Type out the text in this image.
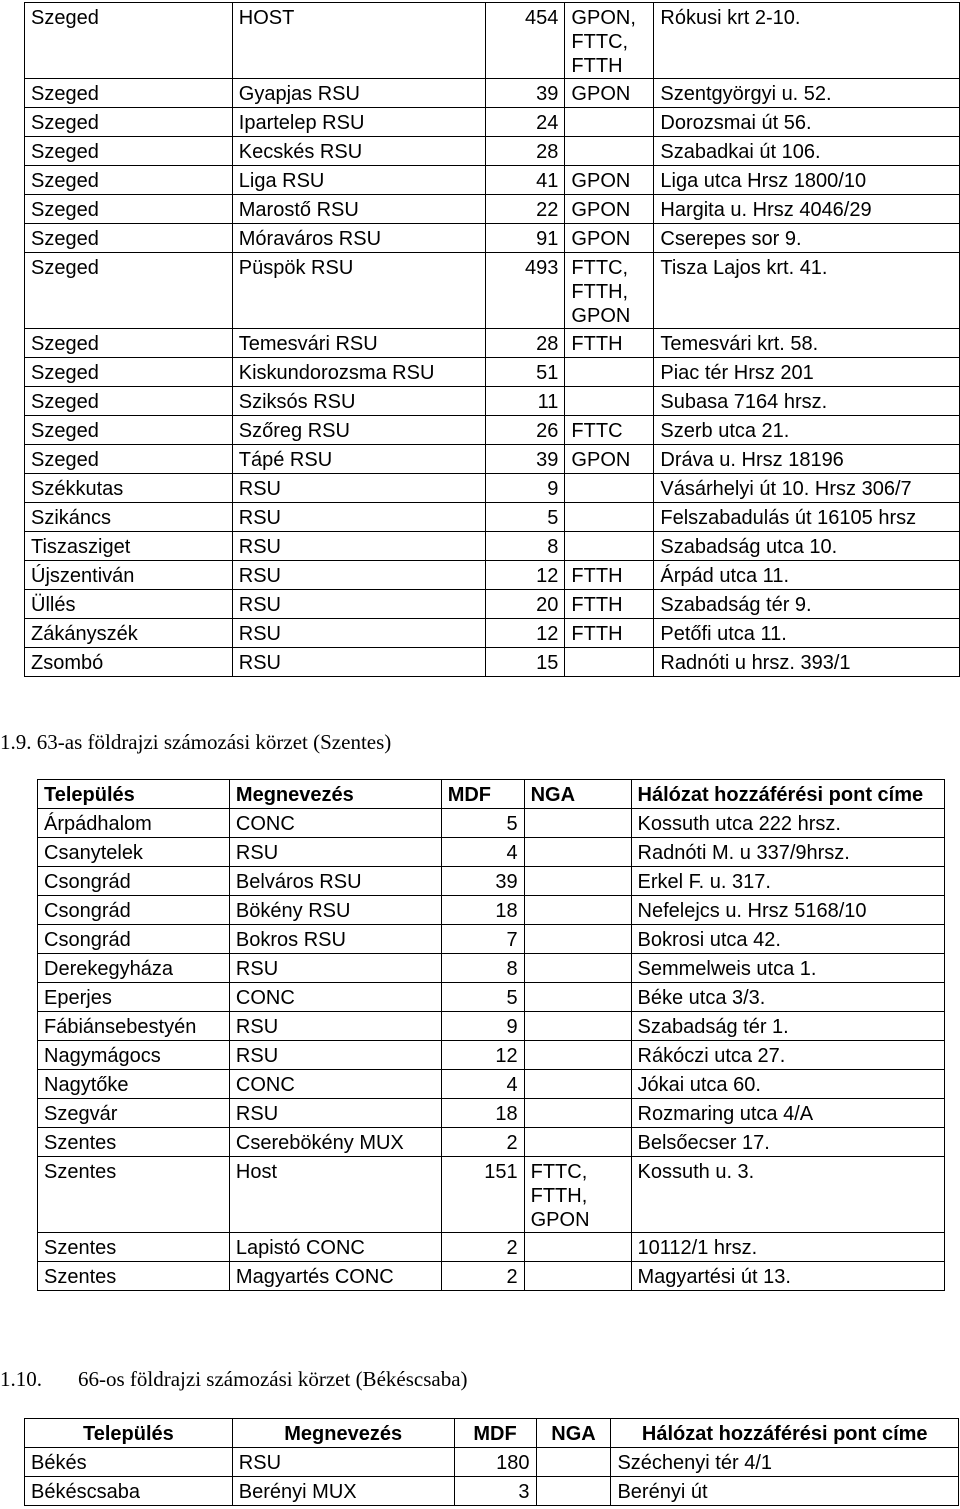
Szeged	HOST	454	GPON,
FTTC,
FTTH	Rókusi krt 2-10.
Szeged	Gyapjas RSU	39	GPON	Szentgyörgyi u. 52.
Szeged	Ipartelep RSU	24		Dorozsmai út 56.
Szeged	Kecskés RSU	28		Szabadkai út 106.
Szeged	Liga RSU	41	GPON	Liga utca Hrsz 1800/10
Szeged	Marostő RSU	22	GPON	Hargita u. Hrsz 4046/29
Szeged	Móraváros RSU	91	GPON	Cserepes sor 9.
Szeged	Püspök RSU	493	FTTC,
FTTH,
GPON	Tisza Lajos krt. 41.
Szeged	Temesvári RSU	28	FTTH	Temesvári krt. 58.
Szeged	Kiskundorozsma RSU	51		Piac tér Hrsz 201
Szeged	Sziksós RSU	11		Subasa 7164 hrsz.
Szeged	Szőreg RSU	26	FTTC	Szerb utca 21.
Szeged	Tápé RSU	39	GPON	Dráva u. Hrsz 18196
Székkutas	RSU	9		Vásárhelyi út 10. Hrsz 306/7
Szikáncs	RSU	5		Felszabadulás út 16105 hrsz
Tiszasziget	RSU	8		Szabadság utca 10.
Újszentiván	RSU	12	FTTH	Árpád utca 11.
Üllés	RSU	20	FTTH	Szabadság tér 9.
Zákányszék	RSU	12	FTTH	Petőfi utca 11.
Zsombó	RSU	15		Radnóti u hrsz. 393/1
1.9. 63-as földrajzi számozási körzet (Szentes)
Település	Megnevezés	MDF	NGA	Hálózat hozzáférési pont címe
Árpádhalom	CONC	5		Kossuth utca 222 hrsz.
Csanytelek	RSU	4		Radnóti M. u 337/9hrsz.
Csongrád	Belváros RSU	39		Erkel F. u. 317.
Csongrád	Bökény RSU	18		Nefelejcs u. Hrsz 5168/10
Csongrád	Bokros RSU	7		Bokrosi utca 42.
Derekegyháza	RSU	8		Semmelweis utca 1.
Eperjes	CONC	5		Béke utca 3/3.
Fábiánsebestyén	RSU	9		Szabadság tér 1.
Nagymágocs	RSU	12		Rákóczi utca 27.
Nagytőke	CONC	4		Jókai utca 60.
Szegvár	RSU	18		Rozmaring utca 4/A
Szentes	Cserebökény MUX	2		Belsőecser 17.
Szentes	Host	151	FTTC,
FTTH,
GPON	Kossuth u. 3.
Szentes	Lapistó CONC	2		10112/1 hrsz.
Szentes	Magyartés CONC	2		Magyartési út 13.
1.10. 66-os földrajzi számozási körzet (Békéscsaba)
Település	Megnevezés	MDF	NGA	Hálózat hozzáférési pont címe
Békés	RSU	180		Széchenyi tér 4/1
Békéscsaba	Berényi MUX	3		Berényi út
